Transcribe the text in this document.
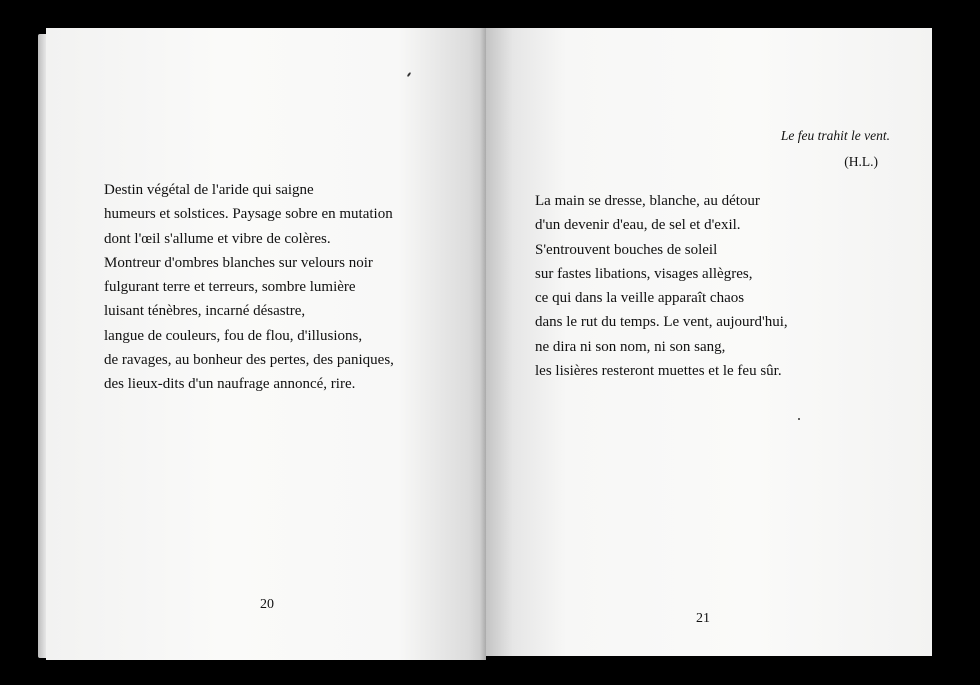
Destin végétal de l'aride qui saigne
humeurs et solstices. Paysage sobre en mutation
dont l'œil s'allume et vibre de colères.
Montreur d'ombres blanches sur velours noir
fulgurant terre et terreurs, sombre lumière
luisant ténèbres, incarné désastre,
langue de couleurs, fou de flou, d'illusions,
de ravages, au bonheur des pertes, des paniques,
des lieux-dits d'un naufrage annoncé, rire.
20
Le feu trahit le vent.
(H.L.)
La main se dresse, blanche, au détour
d'un devenir d'eau, de sel et d'exil.
S'entrouvent bouches de soleil
sur fastes libations, visages allègres,
ce qui dans la veille apparaît chaos
dans le rut du temps. Le vent, aujourd'hui,
ne dira ni son nom, ni son sang,
les lisières resteront muettes et le feu sûr.
21
